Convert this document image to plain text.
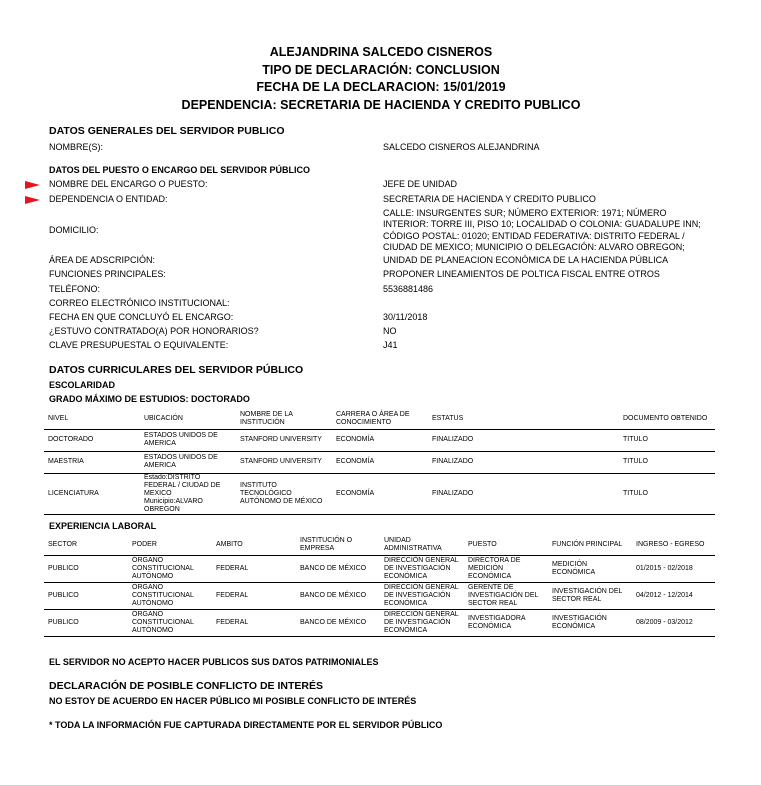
ALEJANDRINA SALCEDO CISNEROS
TIPO DE DECLARACIÓN: CONCLUSION
FECHA DE LA DECLARACION: 15/01/2019
DEPENDENCIA: SECRETARIA DE HACIENDA Y CREDITO PUBLICO
DATOS GENERALES DEL SERVIDOR PUBLICO
NOMBRE(S):	SALCEDO CISNEROS ALEJANDRINA
DATOS DEL PUESTO O ENCARGO DEL SERVIDOR PÚBLICO
NOMBRE DEL ENCARGO O PUESTO:	JEFE DE UNIDAD
DEPENDENCIA O ENTIDAD:	SECRETARIA DE HACIENDA Y CREDITO PUBLICO
DOMICILIO:
CALLE: INSURGENTES SUR; NÚMERO EXTERIOR: 1971; NÚMERO INTERIOR: TORRE III, PISO 10; LOCALIDAD O COLONIA: GUADALUPE INN; CÓDIGO POSTAL: 01020; ENTIDAD FEDERATIVA: DISTRITO FEDERAL / CIUDAD DE MEXICO; MUNICIPIO O DELEGACIÓN: ALVARO OBREGON;
ÁREA DE ADSCRIPCIÓN:	UNIDAD DE PLANEACION ECONÓMICA DE LA HACIENDA PÚBLICA
FUNCIONES PRINCIPALES:	PROPONER LINEAMIENTOS DE POLTICA FISCAL ENTRE OTROS
TELÉFONO:	5536881486
CORREO ELECTRÓNICO INSTITUCIONAL:
FECHA EN QUE CONCLUYÓ EL ENCARGO:	30/11/2018
¿ESTUVO CONTRATADO(A) POR HONORARIOS?	NO
CLAVE PRESUPUESTAL O EQUIVALENTE:	J41
DATOS CURRICULARES DEL SERVIDOR PÚBLICO
ESCOLARIDAD
GRADO MÁXIMO DE ESTUDIOS: DOCTORADO
NIVEL	UBICACIÓN	NOMBRE DE LA INSTITUCIÓN	CARRERA O ÁREA DE CONOCIMIENTO	ESTATUS	DOCUMENTO OBTENIDO
DOCTORADO	ESTADOS UNIDOS DE AMERICA	STANFORD UNIVERSITY	ECONOMÍA	FINALIZADO	TITULO
MAESTRIA	ESTADOS UNIDOS DE AMERICA	STANFORD UNIVERSITY	ECONOMÍA	FINALIZADO	TITULO
LICENCIATURA	Estado:DISTRITO FEDERAL / CIUDAD DE MEXICO Municipio:ALVARO OBREGON	INSTITUTO TECNOLÓGICO AUTÓNOMO DE MÉXICO	ECONOMÍA	FINALIZADO	TITULO
EXPERIENCIA LABORAL
SECTOR	PODER	AMBITO	INSTITUCIÓN O EMPRESA	UNIDAD ADMINISTRATIVA	PUESTO	FUNCIÓN PRINCIPAL	INGRESO - EGRESO
PUBLICO	ÓRGANO CONSTITUCIONAL AUTÓNOMO	FEDERAL	BANCO DE MÉXICO	DIRECCIÓN GENERAL DE INVESTIGACIÓN ECONÓMICA	DIRECTORA DE MEDICIÓN ECONÓMICA	MEDICIÓN ECONÓMICA	01/2015 - 02/2018
PUBLICO	ÓRGANO CONSTITUCIONAL AUTÓNOMO	FEDERAL	BANCO DE MÉXICO	DIRECCIÓN GENERAL DE INVESTIGACIÓN ECONÓMICA	GERENTE DE INVESTIGACIÓN DEL SECTOR REAL	INVESTIGACIÓN DEL SECTOR REAL	04/2012 - 12/2014
PUBLICO	ÓRGANO CONSTITUCIONAL AUTÓNOMO	FEDERAL	BANCO DE MÉXICO	DIRECCIÓN GENERAL DE INVESTIGACIÓN ECONÓMICA	INVESTIGADORA ECONÓMICA	INVESTIGACIÓN ECONÓMICA	08/2009 - 03/2012
EL SERVIDOR NO ACEPTO HACER PUBLICOS SUS DATOS PATRIMONIALES
DECLARACIÓN DE POSIBLE CONFLICTO DE INTERÉS
NO ESTOY DE ACUERDO EN HACER PÚBLICO MI POSIBLE CONFLICTO DE INTERÉS
* TODA LA INFORMACIÓN FUE CAPTURADA DIRECTAMENTE POR EL SERVIDOR PÚBLICO
